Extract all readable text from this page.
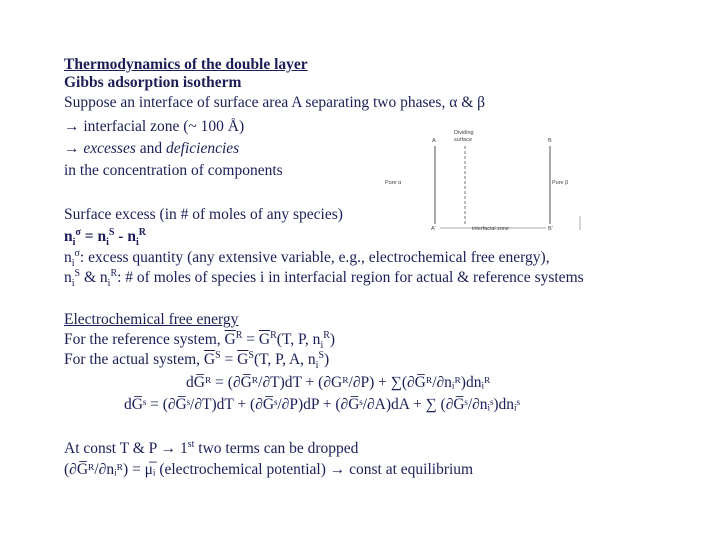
Thermodynamics of the double layer
Gibbs adsorption isotherm
Suppose an interface of surface area A separating two phases, α & β
→ interfacial zone (~ 100 Å)
→ excesses and deficiencies
in the concentration of components
A	B
Dividing
surface
Pure α	Pure β
A'	interfacial zone	B'
Surface excess (in # of moles of any species)
$n_i^\sigma = n_i^S - n_i^R$
$n_i^\sigma$: excess quantity (any extensive variable, e.g., electrochemical free energy),
$n_i^S$ & $n_i^R$: # of moles of species i in interfacial region for actual & reference systems
Electrochemical free energy
For the reference system, $\overline{G}^R = \overline{G}^R(T$, P, $n_i^R$)
For the actual system, $\overline{G}^S = \overline{G}^S(T$, P, A, $n_i^S$)
dG̅ᴿ = (∂G̅ᴿ/∂T)dT + (∂Gᴿ/∂P) + ∑(∂G̅ᴿ/∂nᵢᴿ)dnᵢᴿ
dG̅ˢ = (∂G̅ˢ/∂T)dT + (∂G̅ˢ/∂P)dP + (∂G̅ˢ/∂A)dA + ∑ (∂G̅ˢ/∂nᵢˢ)dnᵢˢ
At const T & P → 1st two terms can be dropped
(∂G̅ᴿ/∂nᵢᴿ) = μ̅ᵢ (electrochemical potential) → const at equilibrium
